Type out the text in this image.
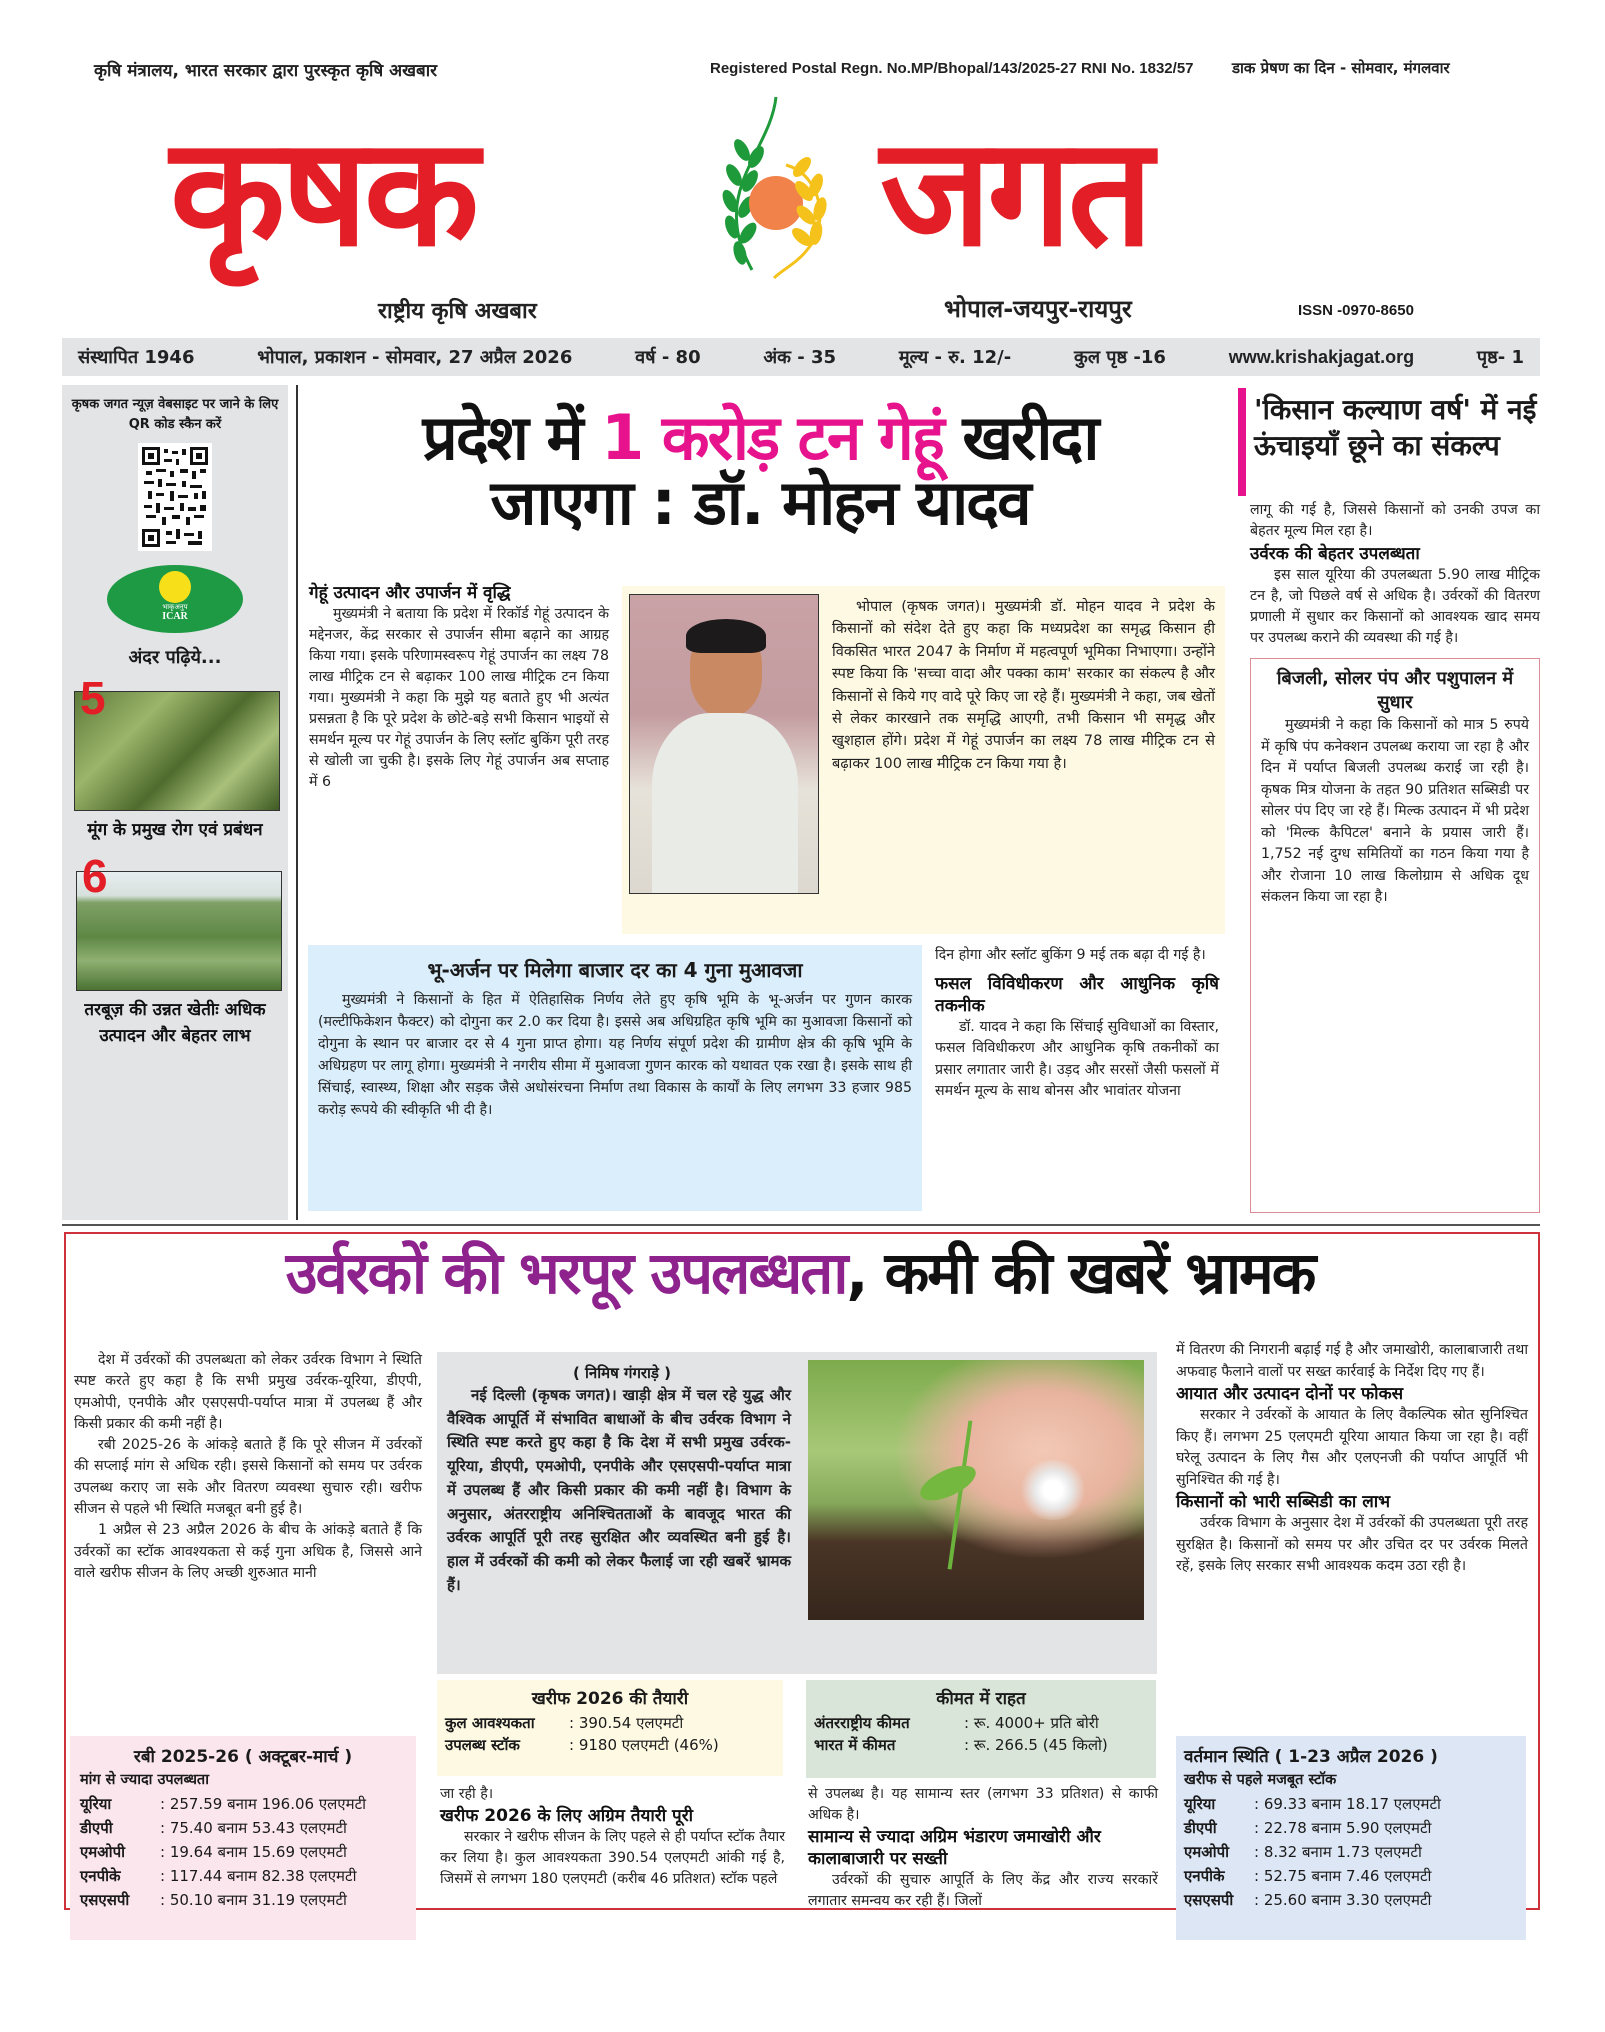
कृषि मंत्रालय, भारत सरकार द्वारा पुरस्कृत कृषि अखबार	Registered Postal Regn. No.MP/Bhopal/143/2025-27 RNI No. 1832/57	डाक प्रेषण का दिन - सोमवार, मंगलवार
कृषक	जगत
राष्ट्रीय कृषि अखबार	भोपाल-जयपुर-रायपुर	ISSN -0970-8650
संस्थापित 1946	भोपाल, प्रकाशन - सोमवार, 27 अप्रैल 2026	वर्ष - 80	अंक - 35	मूल्य - रु. 12/-	कुल पृष्ठ -16	www.krishakjagat.org	पृष्ठ- 1
कृषक जगत न्यूज़ वेबसाइट पर जाने के लिए QR कोड स्कैन करें
भाकृअनुप
ICAR
अंदर पढ़िये...
5
मूंग के प्रमुख रोग एवं प्रबंधन
6
तरबूज़ की उन्नत खेतीः अधिक उत्पादन और बेहतर लाभ
प्रदेश में 1 करोड़ टन गेहूं खरीदा
जाएगा : डॉ. मोहन यादव
गेहूं उत्पादन और उपार्जन में वृद्धि
मुख्यमंत्री ने बताया कि प्रदेश में रिकॉर्ड गेहूं उत्पादन के मद्देनजर, केंद्र सरकार से उपार्जन सीमा बढ़ाने का आग्रह किया गया। इसके परिणामस्वरूप गेहूं उपार्जन का लक्ष्य 78 लाख मीट्रिक टन से बढ़ाकर 100 लाख मीट्रिक टन किया गया। मुख्यमंत्री ने कहा कि मुझे यह बताते हुए भी अत्यंत प्रसन्नता है कि पूरे प्रदेश के छोटे-बड़े सभी किसान भाइयों से समर्थन मूल्य पर गेहूं उपार्जन के लिए स्लॉट बुकिंग पूरी तरह से खोली जा चुकी है। इसके लिए गेहूं उपार्जन अब सप्ताह में 6
भोपाल (कृषक जगत)। मुख्यमंत्री डॉ. मोहन यादव ने प्रदेश के किसानों को संदेश देते हुए कहा कि मध्यप्रदेश का समृद्ध किसान ही विकसित भारत 2047 के निर्माण में महत्वपूर्ण भूमिका निभाएगा। उन्होंने स्पष्ट किया कि 'सच्चा वादा और पक्का काम' सरकार का संकल्प है और किसानों से किये गए वादे पूरे किए जा रहे हैं। मुख्यमंत्री ने कहा, जब खेतों से लेकर कारखाने तक समृद्धि आएगी, तभी किसान भी समृद्ध और खुशहाल होंगे। प्रदेश में गेहूं उपार्जन का लक्ष्य 78 लाख मीट्रिक टन से बढ़ाकर 100 लाख मीट्रिक टन किया गया है।
भू-अर्जन पर मिलेगा बाजार दर का 4 गुना मुआवजा
मुख्यमंत्री ने किसानों के हित में ऐतिहासिक निर्णय लेते हुए कृषि भूमि के भू-अर्जन पर गुणन कारक (मल्टीफिकेशन फैक्टर) को दोगुना कर 2.0 कर दिया है। इससे अब अधिग्रहित कृषि भूमि का मुआवजा किसानों को दोगुना के स्थान पर बाजार दर से 4 गुना प्राप्त होगा। यह निर्णय संपूर्ण प्रदेश की ग्रामीण क्षेत्र की कृषि भूमि के अधिग्रहण पर लागू होगा। मुख्यमंत्री ने नगरीय सीमा में मुआवजा गुणन कारक को यथावत एक रखा है। इसके साथ ही सिंचाई, स्वास्थ्य, शिक्षा और सड़क जैसे अधोसंरचना निर्माण तथा विकास के कार्यों के लिए लगभग 33 हजार 985 करोड़ रूपये की स्वीकृति भी दी है।
दिन होगा और स्लॉट बुकिंग 9 मई तक बढ़ा दी गई है।
फसल विविधीकरण और आधुनिक कृषि तकनीक
डॉ. यादव ने कहा कि सिंचाई सुविधाओं का विस्तार, फसल विविधीकरण और आधुनिक कृषि तकनीकों का प्रसार लगातार जारी है। उड़द और सरसों जैसी फसलों में समर्थन मूल्य के साथ बोनस और भावांतर योजना
'किसान कल्याण वर्ष' में नई ऊंचाइयाँ छूने का संकल्प
लागू की गई है, जिससे किसानों को उनकी उपज का बेहतर मूल्य मिल रहा है।
उर्वरक की बेहतर उपलब्धता
इस साल यूरिया की उपलब्धता 5.90 लाख मीट्रिक टन है, जो पिछले वर्ष से अधिक है। उर्वरकों की वितरण प्रणाली में सुधार कर किसानों को आवश्यक खाद समय पर उपलब्ध कराने की व्यवस्था की गई है।
बिजली, सोलर पंप और पशुपालन में सुधार
मुख्यमंत्री ने कहा कि किसानों को मात्र 5 रुपये में कृषि पंप कनेक्शन उपलब्ध कराया जा रहा है और दिन में पर्याप्त बिजली उपलब्ध कराई जा रही है। कृषक मित्र योजना के तहत 90 प्रतिशत सब्सिडी पर सोलर पंप दिए जा रहे हैं। मिल्क उत्पादन में भी प्रदेश को 'मिल्क कैपिटल' बनाने के प्रयास जारी हैं। 1,752 नई दुग्ध समितियों का गठन किया गया है और रोजाना 10 लाख किलोग्राम से अधिक दूध संकलन किया जा रहा है।
उर्वरकों की भरपूर उपलब्धता, कमी की खबरें भ्रामक
देश में उर्वरकों की उपलब्धता को लेकर उर्वरक विभाग ने स्थिति स्पष्ट करते हुए कहा है कि सभी प्रमुख उर्वरक-यूरिया, डीएपी, एमओपी, एनपीके और एसएसपी-पर्याप्त मात्रा में उपलब्ध हैं और किसी प्रकार की कमी नहीं है।
रबी 2025-26 के आंकड़े बताते हैं कि पूरे सीजन में उर्वरकों की सप्लाई मांग से अधिक रही। इससे किसानों को समय पर उर्वरक उपलब्ध कराए जा सके और वितरण व्यवस्था सुचारु रही। खरीफ सीजन से पहले भी स्थिति मजबूत बनी हुई है।
1 अप्रैल से 23 अप्रैल 2026 के बीच के आंकड़े बताते हैं कि उर्वरकों का स्टॉक आवश्यकता से कई गुना अधिक है, जिससे आने वाले खरीफ सीजन के लिए अच्छी शुरुआत मानी
रबी 2025-26 ( अक्टूबर-मार्च )
मांग से ज्यादा उपलब्धता
यूरिया	: 257.59 बनाम 196.06 एलएमटी
डीएपी	: 75.40 बनाम 53.43 एलएमटी
एमओपी	: 19.64 बनाम 15.69 एलएमटी
एनपीके	: 117.44 बनाम 82.38 एलएमटी
एसएसपी	: 50.10 बनाम 31.19 एलएमटी
( निमिष गंगराड़े )
नई दिल्ली (कृषक जगत)। खाड़ी क्षेत्र में चल रहे युद्ध और वैश्विक आपूर्ति में संभावित बाधाओं के बीच उर्वरक विभाग ने स्थिति स्पष्ट करते हुए कहा है कि देश में सभी प्रमुख उर्वरक-यूरिया, डीएपी, एमओपी, एनपीके और एसएसपी-पर्याप्त मात्रा में उपलब्ध हैं और किसी प्रकार की कमी नहीं है। विभाग के अनुसार, अंतरराष्ट्रीय अनिश्चितताओं के बावजूद भारत की उर्वरक आपूर्ति पूरी तरह सुरक्षित और व्यवस्थित बनी हुई है। हाल में उर्वरकों की कमी को लेकर फैलाई जा रही खबरें भ्रामक हैं।
खरीफ 2026 की तैयारी
कुल आवश्यकता	: 390.54 एलएमटी
उपलब्ध स्टॉक	: 9180 एलएमटी (46%)
जा रही है।
खरीफ 2026 के लिए अग्रिम तैयारी पूरी
सरकार ने खरीफ सीजन के लिए पहले से ही पर्याप्त स्टॉक तैयार कर लिया है। कुल आवश्यकता 390.54 एलएमटी आंकी गई है, जिसमें से लगभग 180 एलएमटी (करीब 46 प्रतिशत) स्टॉक पहले
कीमत में राहत
अंतरराष्ट्रीय कीमत	: रू. 4000+ प्रति बोरी
भारत में कीमत	: रू. 266.5 (45 किलो)
से उपलब्ध है। यह सामान्य स्तर (लगभग 33 प्रतिशत) से काफी अधिक है।
सामान्य से ज्यादा अग्रिम भंडारण जमाखोरी और कालाबाजारी पर सख्ती
उर्वरकों की सुचारु आपूर्ति के लिए केंद्र और राज्य सरकारें लगातार समन्वय कर रही हैं। जिलों
में वितरण की निगरानी बढ़ाई गई है और जमाखोरी, कालाबाजारी तथा अफवाह फैलाने वालों पर सख्त कार्रवाई के निर्देश दिए गए हैं।
आयात और उत्पादन दोनों पर फोकस
सरकार ने उर्वरकों के आयात के लिए वैकल्पिक स्रोत सुनिश्चित किए हैं। लगभग 25 एलएमटी यूरिया आयात किया जा रहा है। वहीं घरेलू उत्पादन के लिए गैस और एलएनजी की पर्याप्त आपूर्ति भी सुनिश्चित की गई है।
किसानों को भारी सब्सिडी का लाभ
उर्वरक विभाग के अनुसार देश में उर्वरकों की उपलब्धता पूरी तरह सुरक्षित है। किसानों को समय पर और उचित दर पर उर्वरक मिलते रहें, इसके लिए सरकार सभी आवश्यक कदम उठा रही है।
वर्तमान स्थिति ( 1-23 अप्रैल 2026 )
खरीफ से पहले मजबूत स्टॉक
यूरिया	: 69.33 बनाम 18.17 एलएमटी
डीएपी	: 22.78 बनाम 5.90 एलएमटी
एमओपी	: 8.32 बनाम 1.73 एलएमटी
एनपीके	: 52.75 बनाम 7.46 एलएमटी
एसएसपी	: 25.60 बनाम 3.30 एलएमटी
